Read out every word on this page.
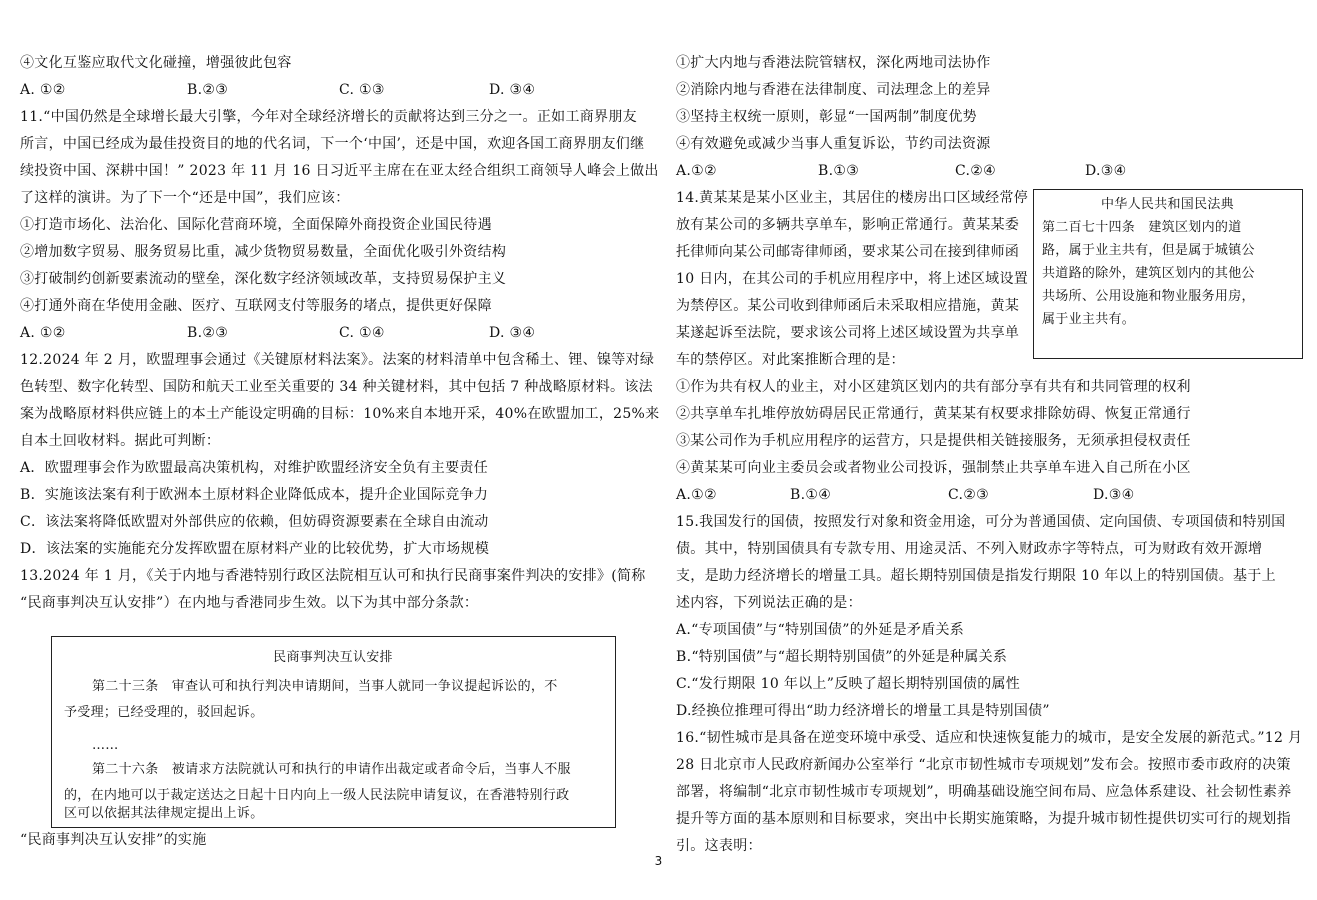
④文化互鉴应取代文化碰撞，增强彼此包容
A. ①②	B.②③	C. ①③	D. ③④
11.“中国仍然是全球增长最大引擎，今年对全球经济增长的贡献将达到三分之一。正如工商界朋友
所言，中国已经成为最佳投资目的地的代名词，下一个‘中国’，还是中国，欢迎各国工商界朋友们继
续投资中国、深耕中国！” 2023 年 11 月 16 日习近平主席在在亚太经合组织工商领导人峰会上做出
了这样的演讲。为了下一个“还是中国”，我们应该：
①打造市场化、法治化、国际化营商环境，全面保障外商投资企业国民待遇
②增加数字贸易、服务贸易比重，减少货物贸易数量，全面优化吸引外资结构
③打破制约创新要素流动的壁垒，深化数字经济领域改革，支持贸易保护主义
④打通外商在华使用金融、医疗、互联网支付等服务的堵点，提供更好保障
A. ①②	B.②③	C. ①④	D. ③④
12.2024 年 2 月，欧盟理事会通过《关键原材料法案》。法案的材料清单中包含稀土、锂、镍等对绿
色转型、数字化转型、国防和航天工业至关重要的 34 种关键材料，其中包括 7 种战略原材料。该法
案为战略原材料供应链上的本土产能设定明确的目标：10%来自本地开采，40%在欧盟加工，25%来
自本土回收材料。据此可判断：
A．欧盟理事会作为欧盟最高决策机构，对维护欧盟经济安全负有主要责任
B．实施该法案有利于欧洲本土原材料企业降低成本，提升企业国际竞争力
C．该法案将降低欧盟对外部供应的依赖，但妨碍资源要素在全球自由流动
D．该法案的实施能充分发挥欧盟在原材料产业的比较优势，扩大市场规模
13.2024 年 1 月，《关于内地与香港特别行政区法院相互认可和执行民商事案件判决的安排》(简称
“民商事判决互认安排”）在内地与香港同步生效。以下为其中部分条款：
民商事判决互认安排
第二十三条　审查认可和执行判决申请期间，当事人就同一争议提起诉讼的，不
予受理；已经受理的，驳回起诉。
……
第二十六条　被请求方法院就认可和执行的申请作出裁定或者命令后，当事人不服
的，在内地可以于裁定送达之日起十日内向上一级人民法院申请复议，在香港特别行政
区可以依据其法律规定提出上诉。
“民商事判决互认安排”的实施
①扩大内地与香港法院管辖权，深化两地司法协作
②消除内地与香港在法律制度、司法理念上的差异
③坚持主权统一原则，彰显“一国两制”制度优势
④有效避免或减少当事人重复诉讼，节约司法资源
A.①②	B.①③	C.②④	D.③④
14.黄某某是某小区业主，其居住的楼房出口区域经常停
放有某公司的多辆共享单车，影响正常通行。黄某某委
托律师向某公司邮寄律师函，要求某公司在接到律师函
10 日内，在其公司的手机应用程序中，将上述区域设置
为禁停区。某公司收到律师函后未采取相应措施，黄某
某遂起诉至法院，要求该公司将上述区域设置为共享单
车的禁停区。对此案推断合理的是：
中华人民共和国民法典
第二百七十四条　建筑区划内的道
路，属于业主共有，但是属于城镇公
共道路的除外，建筑区划内的其他公
共场所、公用设施和物业服务用房，
属于业主共有。
①作为共有权人的业主，对小区建筑区划内的共有部分享有共有和共同管理的权利
②共享单车扎堆停放妨碍居民正常通行，黄某某有权要求排除妨碍、恢复正常通行
③某公司作为手机应用程序的运营方，只是提供相关链接服务，无须承担侵权责任
④黄某某可向业主委员会或者物业公司投诉，强制禁止共享单车进入自己所在小区
A.①②	B.①④	C.②③	D.③④
15.我国发行的国债，按照发行对象和资金用途，可分为普通国债、定向国债、专项国债和特别国
债。其中，特别国债具有专款专用、用途灵活、不列入财政赤字等特点，可为财政有效开源增
支，是助力经济增长的增量工具。超长期特别国债是指发行期限 10 年以上的特别国债。基于上
述内容，下列说法正确的是：
A.“专项国债”与“特别国债”的外延是矛盾关系
B.“特别国债”与“超长期特别国债”的外延是种属关系
C.“发行期限 10 年以上”反映了超长期特别国债的属性
D.经换位推理可得出“助力经济增长的增量工具是特别国债”
16.“韧性城市是具备在逆变环境中承受、适应和快速恢复能力的城市，是安全发展的新范式。”12 月
28 日北京市人民政府新闻办公室举行 “北京市韧性城市专项规划”发布会。按照市委市政府的决策
部署，将编制“北京市韧性城市专项规划”，明确基础设施空间布局、应急体系建设、社会韧性素养
提升等方面的基本原则和目标要求，突出中长期实施策略，为提升城市韧性提供切实可行的规划指
引。这表明：
3
